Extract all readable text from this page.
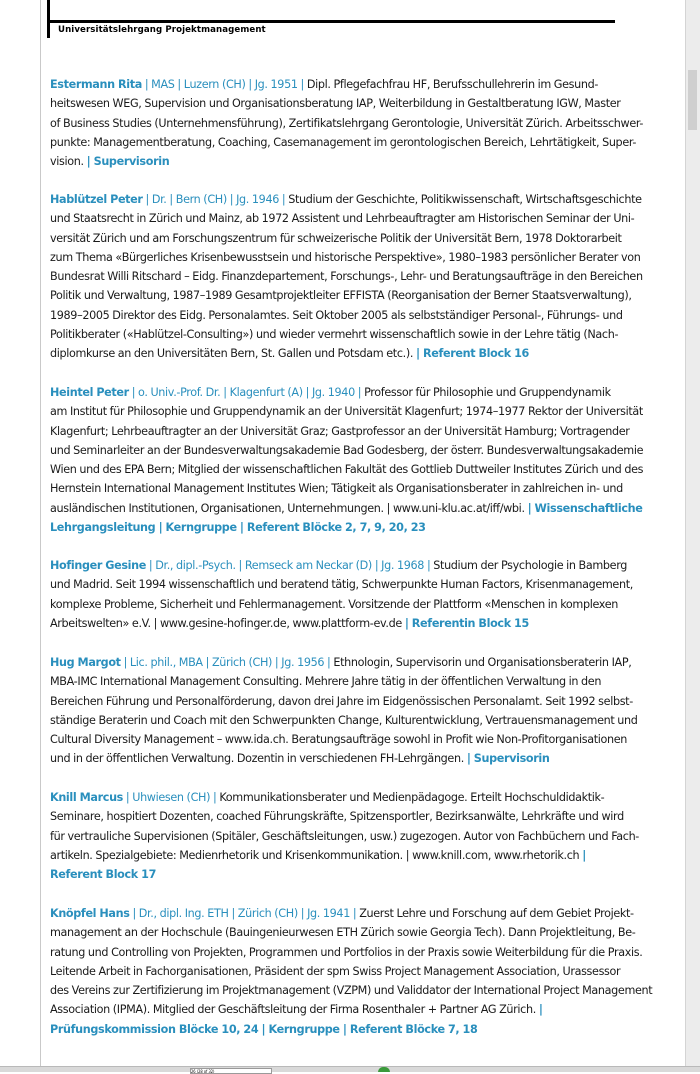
Universitätslehrgang Projektmanagement
Estermann Rita | MAS | Luzern (CH) | Jg. 1951 | Dipl. Pflegefachfrau HF, Berufsschullehrerin im Gesund-
heitswesen WEG, Supervision und Organisationsberatung IAP, Weiterbildung in Gestaltberatung IGW, Master
of Business Studies (Unternehmensführung), Zertifikatslehrgang Gerontologie, Universität Zürich. Arbeitsschwer-
punkte: Managementberatung, Coaching, Casemanagement im gerontologischen Bereich, Lehrtätigkeit, Super-
vision. | Supervisorin
Hablützel Peter | Dr. | Bern (CH) | Jg. 1946 | Studium der Geschichte, Politikwissenschaft, Wirtschaftsgeschichte
und Staatsrecht in Zürich und Mainz, ab 1972 Assistent und Lehrbeauftragter am Historischen Seminar der Uni-
versität Zürich und am Forschungszentrum für schweizerische Politik der Universität Bern, 1978 Doktorarbeit
zum Thema «Bürgerliches Krisenbewusstsein und historische Perspektive», 1980–1983 persönlicher Berater von
Bundesrat Willi Ritschard – Eidg. Finanzdepartement, Forschungs-, Lehr- und Beratungsaufträge in den Bereichen
Politik und Verwaltung, 1987–1989 Gesamtprojektleiter EFFISTA (Reorganisation der Berner Staatsverwaltung),
1989–2005 Direktor des Eidg. Personalamtes. Seit Oktober 2005 als selbstständiger Personal-, Führungs- und
Politikberater («Hablützel-Consulting») und wieder vermehrt wissenschaftlich sowie in der Lehre tätig (Nach-
diplomkurse an den Universitäten Bern, St. Gallen und Potsdam etc.). | Referent Block 16
Heintel Peter | o. Univ.-Prof. Dr. | Klagenfurt (A) | Jg. 1940 | Professor für Philosophie und Gruppendynamik
am Institut für Philosophie und Gruppendynamik an der Universität Klagenfurt; 1974–1977 Rektor der Universität
Klagenfurt; Lehrbeauftragter an der Universität Graz; Gastprofessor an der Universität Hamburg; Vortragender
und Seminarleiter an der Bundesverwaltungsakademie Bad Godesberg, der österr. Bundesverwaltungsakademie
Wien und des EPA Bern; Mitglied der wissenschaftlichen Fakultät des Gottlieb Duttweiler Institutes Zürich und des
Hernstein International Management Institutes Wien; Tätigkeit als Organisationsberater in zahlreichen in- und
ausländischen Institutionen, Organisationen, Unternehmungen. | www.uni-klu.ac.at/iff/wbi. | Wissenschaftliche
Lehrgangsleitung | Kerngruppe | Referent Blöcke 2, 7, 9, 20, 23
Hofinger Gesine | Dr., dipl.-Psych. | Remseck am Neckar (D) | Jg. 1968 | Studium der Psychologie in Bamberg
und Madrid. Seit 1994 wissenschaftlich und beratend tätig, Schwerpunkte Human Factors, Krisenmanagement,
komplexe Probleme, Sicherheit und Fehlermanagement. Vorsitzende der Plattform «Menschen in komplexen
Arbeitswelten» e.V. | www.gesine-hofinger.de, www.plattform-ev.de | Referentin Block 15
Hug Margot | Lic. phil., MBA | Zürich (CH) | Jg. 1956 | Ethnologin, Supervisorin und Organisationsberaterin IAP,
MBA-IMC International Management Consulting. Mehrere Jahre tätig in der öffentlichen Verwaltung in den
Bereichen Führung und Personalförderung, davon drei Jahre im Eidgenössischen Personalamt. Seit 1992 selbst-
ständige Beraterin und Coach mit den Schwerpunkten Change, Kulturentwicklung, Vertrauensmanagement und
Cultural Diversity Management – www.ida.ch. Beratungsaufträge sowohl in Profit wie Non-Profitorganisationen
und in der öffentlichen Verwaltung. Dozentin in verschiedenen FH-Lehrgängen. | Supervisorin
Knill Marcus | Uhwiesen (CH) | Kommunikationsberater und Medienpädagoge. Erteilt Hochschuldidaktik-
Seminare, hospitiert Dozenten, coached Führungskräfte, Spitzensportler, Bezirksanwälte, Lehrkräfte und wird
für vertrauliche Supervisionen (Spitäler, Geschäftsleitungen, usw.) zugezogen. Autor von Fachbüchern und Fach-
artikeln. Spezialgebiete: Medienrhetorik und Krisenkommunikation. | www.knill.com, www.rhetorik.ch |
Referent Block 17
Knöpfel Hans | Dr., dipl. Ing. ETH | Zürich (CH) | Jg. 1941 | Zuerst Lehre und Forschung auf dem Gebiet Projekt-
management an der Hochschule (Bauingenieurwesen ETH Zürich sowie Georgia Tech). Dann Projektleitung, Be-
ratung und Controlling von Projekten, Programmen und Portfolios in der Praxis sowie Weiterbildung für die Praxis.
Leitende Arbeit in Fachorganisationen, Präsident der spm Swiss Project Management Association, Urassessor
des Vereins zur Zertifizierung im Projektmanagement (VZPM) und Validdator der International Project Management
Association (IPMA). Mitglied der Geschäftsleitung der Firma Rosenthaler + Partner AG Zürich. |
Prüfungskommission Blöcke 10, 24 | Kerngruppe | Referent Blöcke 7, 18
26 (28 of 32)
